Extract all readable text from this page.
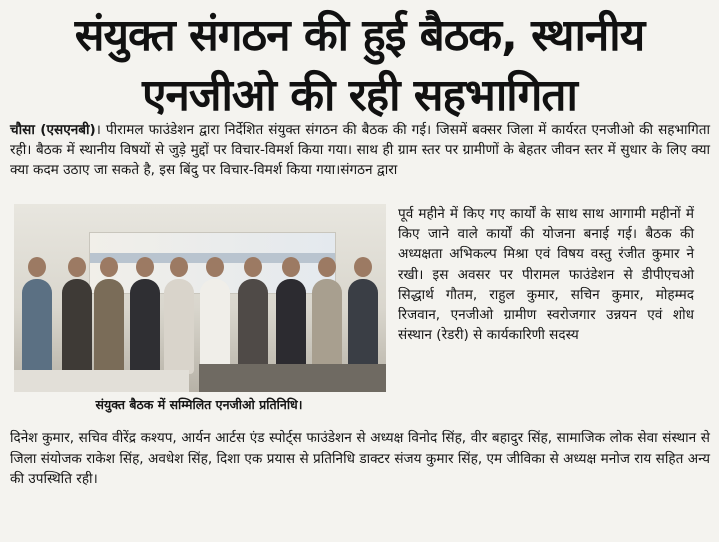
संयुक्त संगठन की हुई बैठक, स्थानीय
एनजीओ की रही सहभागिता

चौसा (एसएनबी)। पीरामल फाउंडेशन द्वारा निर्देशित संयुक्त संगठन की बैठक की गई। जिसमें बक्सर जिला में कार्यरत एनजीओ की सहभागिता रही। बैठक में स्थानीय विषयों से जुड़े मुद्दों पर विचार-विमर्श किया गया। साथ ही ग्राम स्तर पर ग्रामीणों के बेहतर जीवन स्तर में सुधार के लिए क्या क्या कदम उठाए जा सकते है, इस बिंदु पर विचार-विमर्श किया गया।संगठन द्वारा

संयुक्त बैठक में सम्मिलित एनजीओ प्रतिनिधि।

पूर्व महीने में किए गए कार्यों के साथ साथ आगामी महीनों में किए जाने वाले कार्यों की योजना बनाई गई। बैठक की अध्यक्षता अभिकल्प मिश्रा एवं विषय वस्तु रंजीत कुमार ने रखी। इस अवसर पर पीरामल फाउंडेशन से डीपीएचओ सिद्धार्थ गौतम, राहुल कुमार, सचिन कुमार, मोहम्मद रिजवान, एनजीओ ग्रामीण स्वरोजगार उन्नयन एवं शोध संस्थान (रेडरी) से कार्यकारिणी सदस्य

दिनेश कुमार, सचिव वीरेंद्र कश्यप, आर्यन आर्टस एंड स्पोर्ट्स फाउंडेशन से अध्यक्ष विनोद सिंह, वीर बहादुर सिंह, सामाजिक लोक सेवा संस्थान से जिला संयोजक राकेश सिंह, अवधेश सिंह, दिशा एक प्रयास से प्रतिनिधि डाक्टर संजय कुमार सिंह, एम जीविका से अध्यक्ष मनोज राय सहित अन्य की उपस्थिति रही।
